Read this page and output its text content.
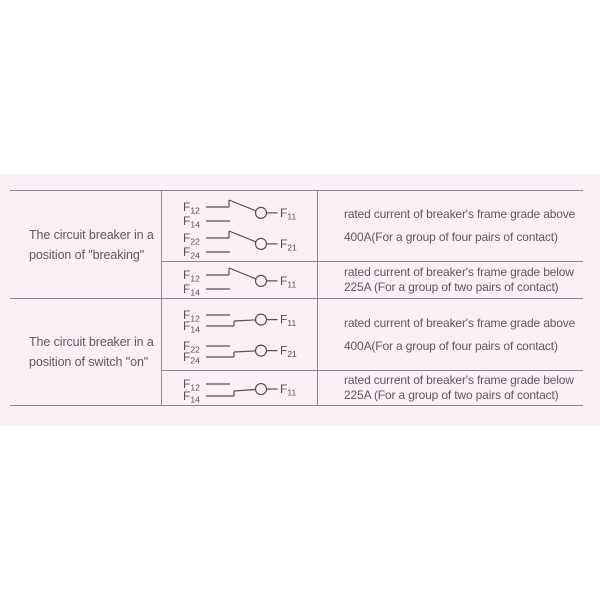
The circuit breaker in a
position of "breaking"
$F_{12}$
$F_{14}$
$F_{11}$
$F_{22}$
$F_{24}$
$F_{21}$
rated current of breaker's frame grade above
400A(For a group of four pairs of contact)
$F_{12}$
$F_{14}$
$F_{11}$
rated current of breaker's frame grade below
225A (For a group of two pairs of contact)
The circuit breaker in a
position of switch "on"
$F_{12}$
$F_{14}$
$F_{11}$
$F_{22}$
$F_{24}$
$F_{21}$
rated current of breaker's frame grade above
400A(For a group of four pairs of contact)
$F_{12}$
$F_{14}$
$F_{11}$
rated current of breaker's frame grade below
225A (For a group of two pairs of contact)
